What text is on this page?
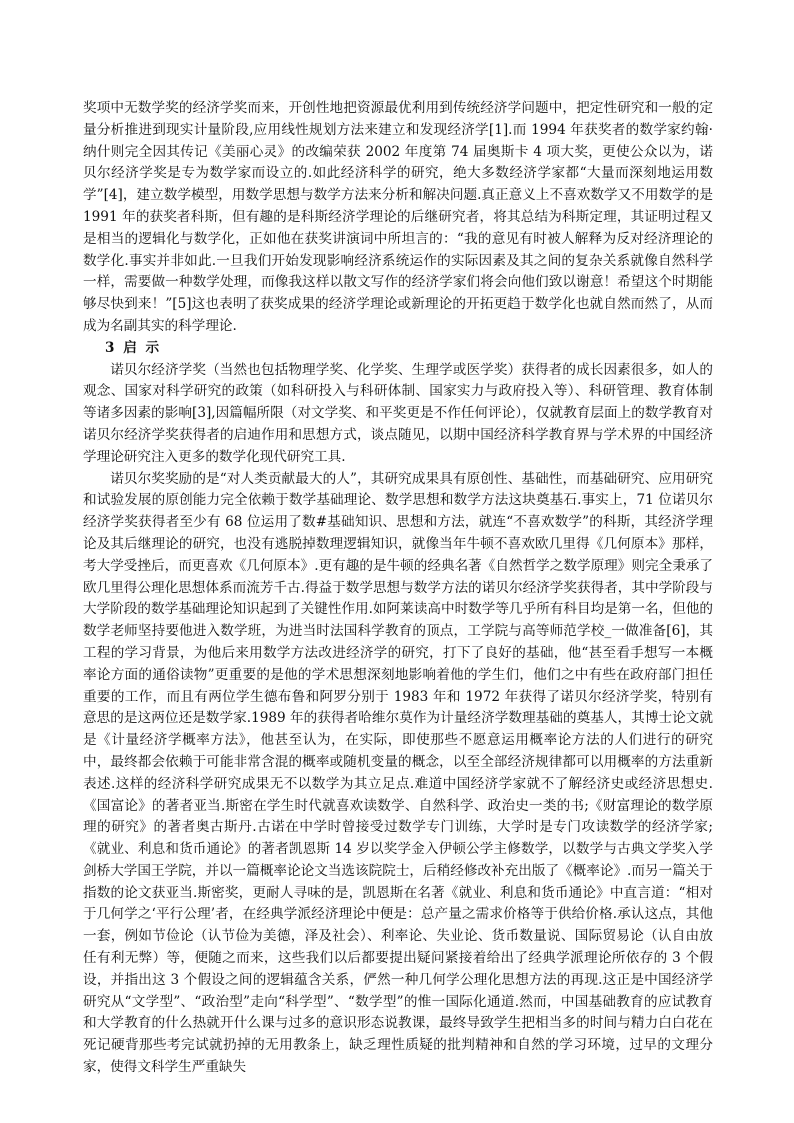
奖项中无数学奖的经济学奖而来，开创性地把资源最优利用到传统经济学问题中，把定性研究和一般的定量分析推进到现实计量阶段,应用线性规划方法来建立和发现经济学[1].而 1994 年获奖者的数学家约翰·纳什则完全因其传记《美丽心灵》的改编荣获 2002 年度第 74 届奥斯卡 4 项大奖，更使公众以为，诺贝尔经济学奖是专为数学家而设立的.如此经济科学的研究，绝大多数经济学家都“大量而深刻地运用数学”[4]，建立数学模型，用数学思想与数学方法来分析和解决问题.真正意义上不喜欢数学又不用数学的是 1991 年的获奖者科斯，但有趣的是科斯经济学理论的后继研究者，将其总结为科斯定理，其证明过程又是相当的逻辑化与数学化，正如他在获奖讲演词中所坦言的：“我的意见有时被人解释为反对经济理论的数学化.事实并非如此.一旦我们开始发现影响经济系统运作的实际因素及其之间的复杂关系就像自然科学一样，需要做一种数学处理，而像我这样以散文写作的经济学家们将会向他们致以谢意！希望这个时期能够尽快到来！”[5]这也表明了获奖成果的经济学理论或新理论的开拓更趋于数学化也就自然而然了，从而成为名副其实的科学理论.

3 启 示

诺贝尔经济学奖（当然也包括物理学奖、化学奖、生理学或医学奖）获得者的成长因素很多，如人的观念、国家对科学研究的政策（如科研投入与科研体制、国家实力与政府投入等）、科研管理、教育体制等诸多因素的影响[3],因篇幅所限（对文学奖、和平奖更是不作任何评论），仅就教育层面上的数学教育对诺贝尔经济学奖获得者的启迪作用和思想方式，谈点随见，以期中国经济科学教育界与学术界的中国经济学理论研究注入更多的数学化现代研究工具.

诺贝尔奖奖励的是“对人类贡献最大的人”，其研究成果具有原创性、基础性，而基础研究、应用研究和试验发展的原创能力完全依赖于数学基础理论、数学思想和数学方法这块奠基石.事实上，71 位诺贝尔经济学奖获得者至少有 68 位运用了数#基础知识、思想和方法，就连“不喜欢数学”的科斯，其经济学理论及其后继理论的研究，也没有逃脱掉数理逻辑知识，就像当年牛顿不喜欢欧几里得《几何原本》那样，考大学受挫后，而更喜欢《几何原本》.更有趣的是牛顿的经典名著《自然哲学之数学原理》则完全秉承了欧几里得公理化思想体系而流芳千古.得益于数学思想与数学方法的诺贝尔经济学奖获得者，其中学阶段与大学阶段的数学基础理论知识起到了关键性作用.如阿莱读高中时数学等几乎所有科目均是第一名，但他的数学老师坚持要他进入数学班，为进当时法国科学教育的顶点，工学院与高等师范学校_一做准备[6]，其工程的学习背景，为他后来用数学方法改进经济学的研究，打下了良好的基础，他“甚至看手想写一本概率论方面的通俗读物”更重要的是他的学术思想深刻地影响着他的学生们，他们之中有些在政府部门担任重要的工作，而且有两位学生德布鲁和阿罗分别于 1983 年和 1972 年获得了诺贝尔经济学奖，特别有意思的是这两位还是数学家.1989 年的获得者哈维尔莫作为计量经济学数理基础的奠基人，其博士论文就是《计量经济学概率方法》，他甚至认为，在实际，即使那些不愿意运用概率论方法的人们进行的研究中，最终都会依赖于可能非常含混的概率或随机变量的概念，以至全部经济规律都可以用概率的方法重新表述.这样的经济科学研究成果无不以数学为其立足点.难道中国经济学家就不了解经济史或经济思想史.《国富论》的著者亚当.斯密在学生时代就喜欢读数学、自然科学、政治史一类的书;《财富理论的数学原理的研究》的著者奥古斯丹.古诺在中学时曾接受过数学专门训练，大学时是专门攻读数学的经济学家;《就业、利息和货币通论》的著者凯恩斯 14 岁以奖学金入伊顿公学主修数学，以数学与古典文学奖入学剑桥大学国王学院，并以一篇概率论论文当选该院院士，后稍经修改补充出版了《概率论》.而另一篇关于指数的论文获亚当.斯密奖，更耐人寻味的是，凯恩斯在名著《就业、利息和货币通论》中直言道：“相对于几何学之‘平行公理’者，在经典学派经济理论中便是：总产量之需求价格等于供给价格.承认这点，其他一套，例如节俭论（认节俭为美德，泽及社会）、利率论、失业论、货币数量说、国际贸易论（认自由放任有利无弊）等，便随之而来，这些我们以后都要提出疑问紧接着给出了经典学派理论所依存的 3 个假设，并指出这 3 个假设之间的逻辑蕴含关系，俨然一种几何学公理化思想方法的再现.这正是中国经济学研究从“文学型”、“政治型”走向“科学型”、“数学型”的惟一国际化通道.然而，中国基础教育的应试教育和大学教育的什么热就开什么课与过多的意识形态说教课，最终导致学生把相当多的时间与精力白白花在死记硬背那些考完试就扔掉的无用教条上，缺乏理性质疑的批判精神和自然的学习环境，过早的文理分家，使得文科学生严重缺失
